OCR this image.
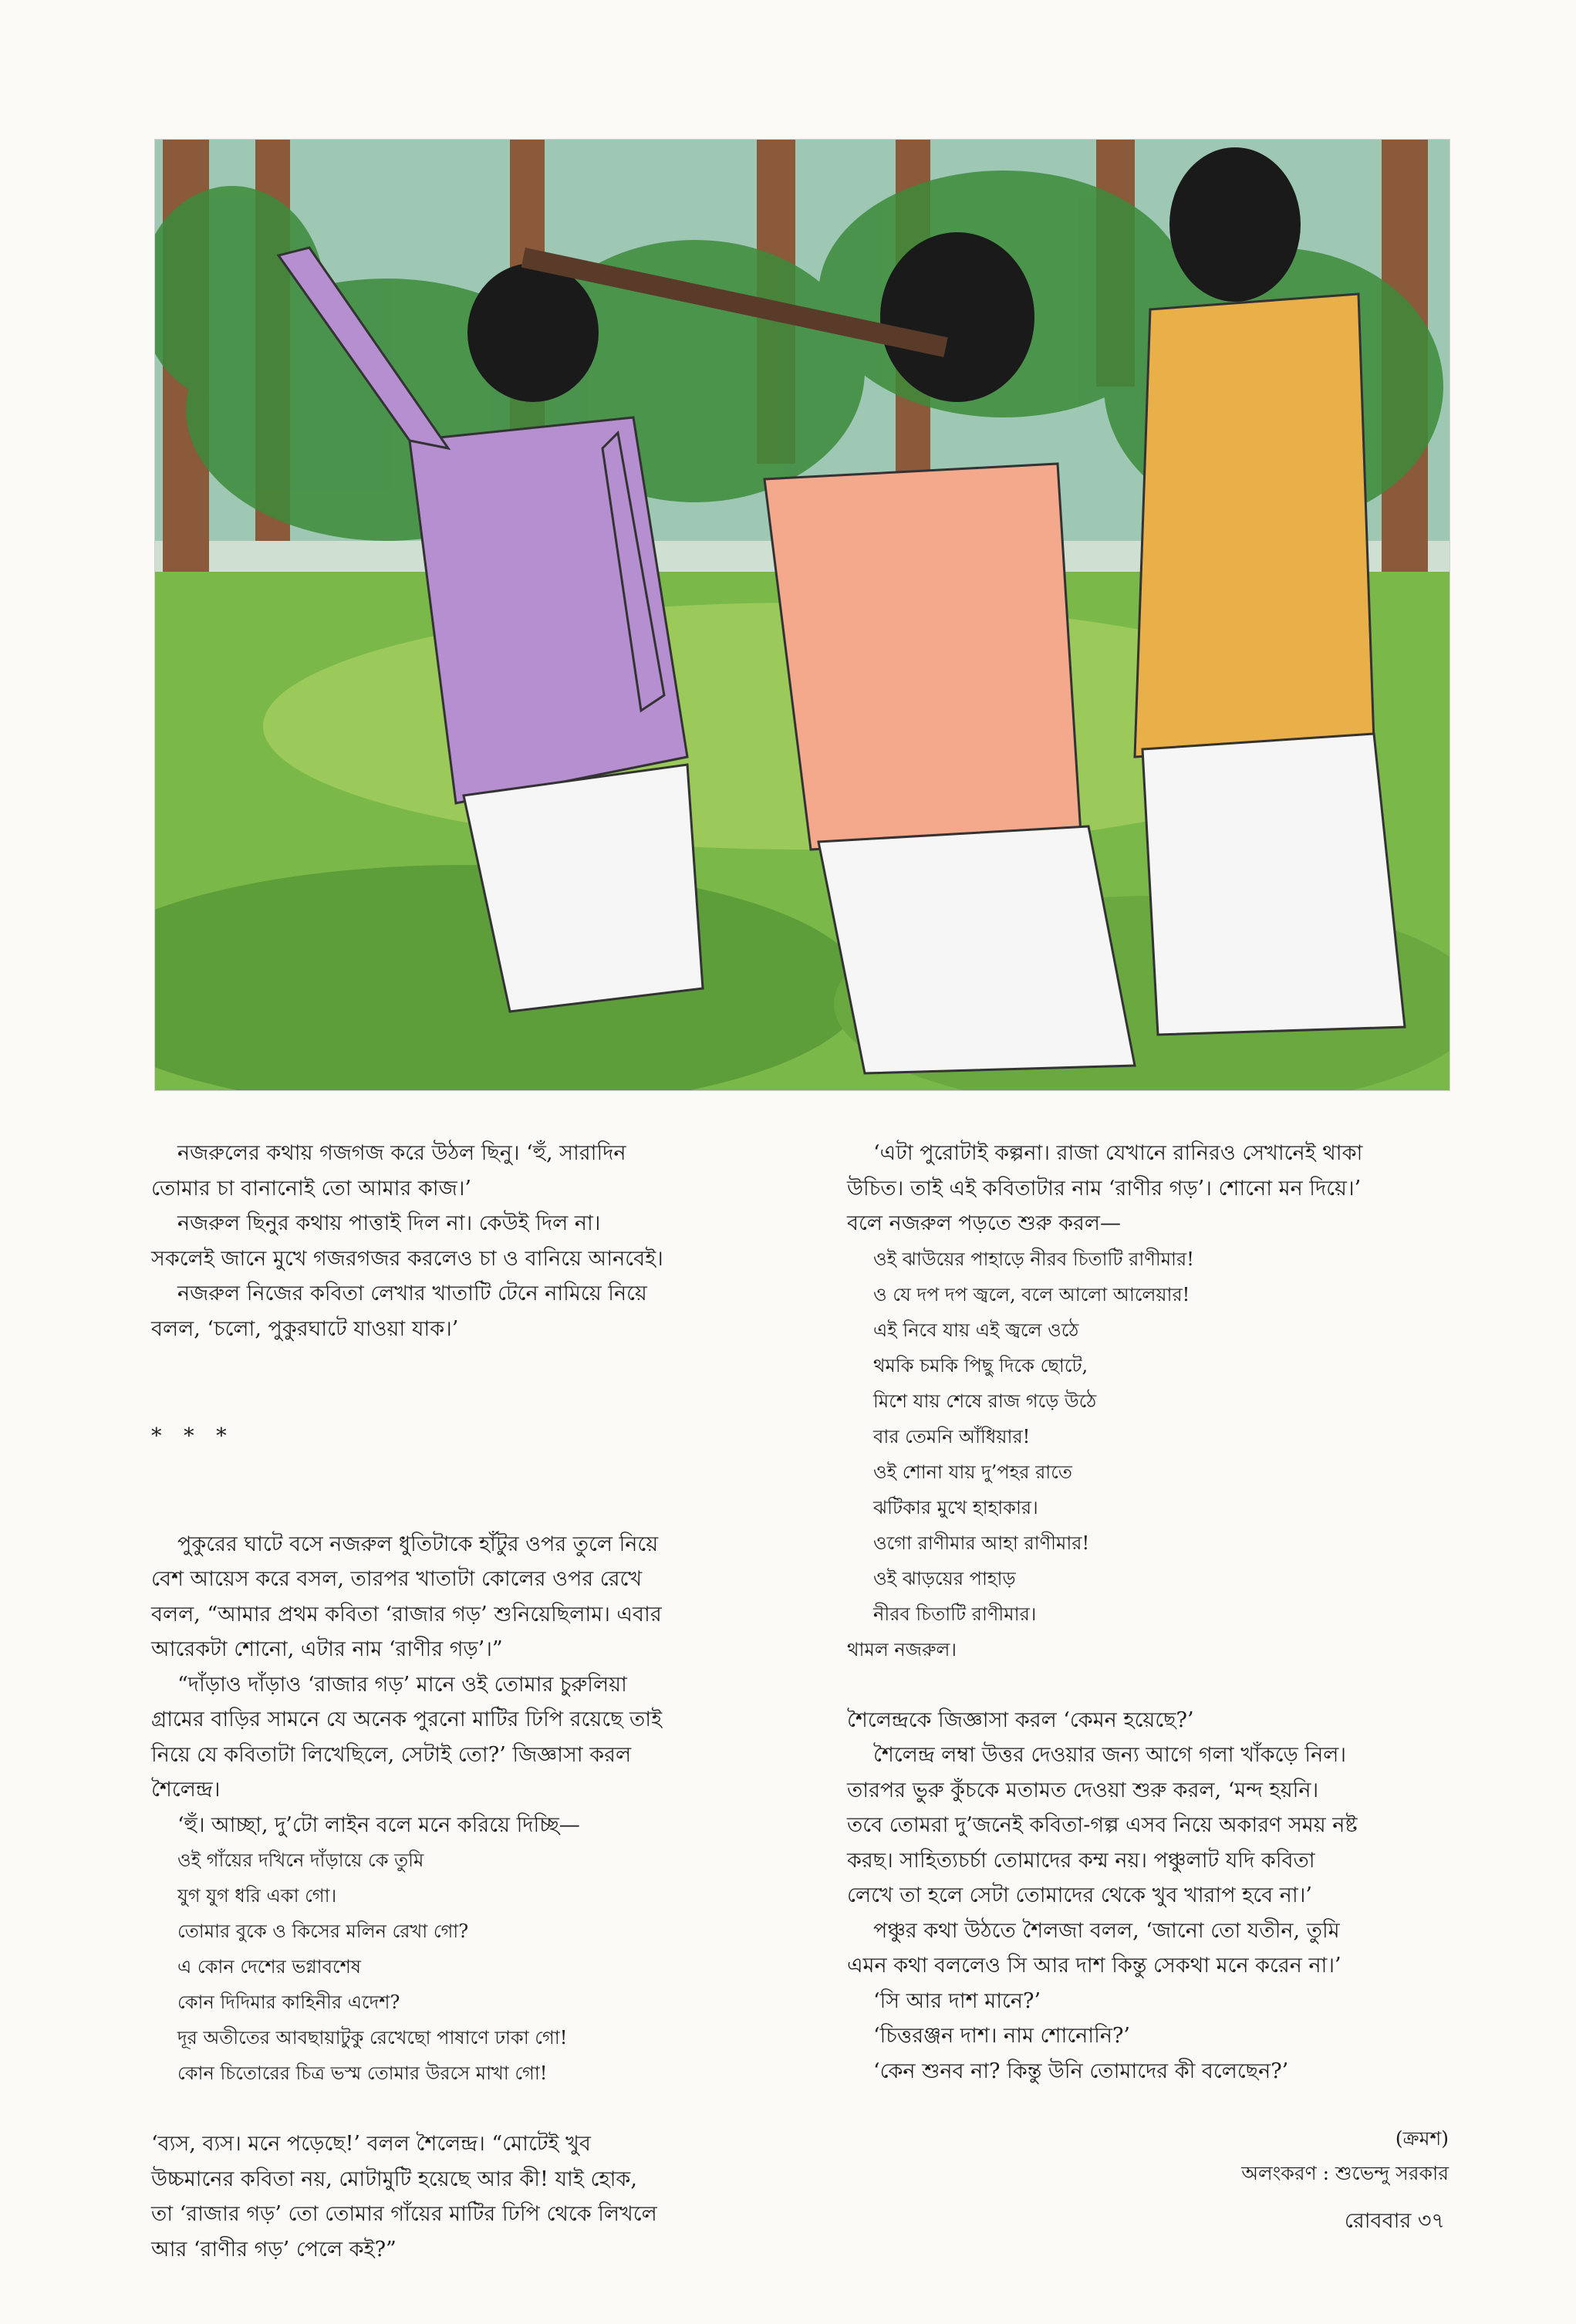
নজরুলের কথায় গজগজ করে উঠল ছিনু। ‘হুঁ, সারাদিন
তোমার চা বানানোই তো আমার কাজ।’

নজরুল ছিনুর কথায় পাত্তাই দিল না। কেউই দিল না।
সকলেই জানে মুখে গজরগজর করলেও চা ও বানিয়ে আনবেই।

নজরুল নিজের কবিতা লেখার খাতাটি টেনে নামিয়ে নিয়ে
বলল, ‘চলো, পুকুরঘাটে যাওয়া যাক।’

* * *

পুকুরের ঘাটে বসে নজরুল ধুতিটাকে হাঁটুর ওপর তুলে নিয়ে
বেশ আয়েস করে বসল, তারপর খাতাটা কোলের ওপর রেখে
বলল, “আমার প্রথম কবিতা ‘রাজার গড়’ শুনিয়েছিলাম। এবার
আরেকটা শোনো, এটার নাম ‘রাণীর গড়’।”

“দাঁড়াও দাঁড়াও ‘রাজার গড়’ মানে ওই তোমার চুরুলিয়া
গ্রামের বাড়ির সামনে যে অনেক পুরনো মাটির ঢিপি রয়েছে তাই
নিয়ে যে কবিতাটা লিখেছিলে, সেটাই তো?’ জিজ্ঞাসা করল
শৈলেন্দ্র।

‘হুঁ। আচ্ছা, দু’টো লাইন বলে মনে করিয়ে দিচ্ছি—

ওই গাঁয়ের দখিনে দাঁড়ায়ে কে তুমি
যুগ যুগ ধরি একা গো।
তোমার বুকে ও কিসের মলিন রেখা গো?
এ কোন দেশের ভগ্নাবশেষ
কোন দিদিমার কাহিনীর এদেশ?
দূর অতীতের আবছায়াটুকু রেখেছো পাষাণে ঢাকা গো!
কোন চিতোরের চিত্র ভস্ম তোমার উরসে মাখা গো!

‘ব্যস, ব্যস। মনে পড়েছে!’ বলল শৈলেন্দ্র। “মোটেই খুব
উচ্চমানের কবিতা নয়, মোটামুটি হয়েছে আর কী! যাই হোক,
তা ‘রাজার গড়’ তো তোমার গাঁয়ের মাটির ঢিপি থেকে লিখলে
আর ‘রাণীর গড়’ পেলে কই?”

‘এটা পুরোটাই কল্পনা। রাজা যেখানে রানিরও সেখানেই থাকা
উচিত। তাই এই কবিতাটার নাম ‘রাণীর গড়’। শোনো মন দিয়ে।’
বলে নজরুল পড়তে শুরু করল—

ওই ঝাউয়ের পাহাড়ে নীরব চিতাটি রাণীমার!
ও যে দপ দপ জ্বলে, বলে আলো আলেয়ার!
এই নিবে যায় এই জ্বলে ওঠে
থমকি চমকি পিছু দিকে ছোটে,
মিশে যায় শেষে রাজ গড়ে উঠে
বার তেমনি আঁধিয়ার!
ওই শোনা যায় দু’পহর রাতে
ঝটিকার মুখে হাহাকার।
ওগো রাণীমার আহা রাণীমার!
ওই ঝাড়য়ের পাহাড়
নীরব চিতাটি রাণীমার।

থামল নজরুল।

শৈলেন্দ্রকে জিজ্ঞাসা করল ‘কেমন হয়েছে?’

শৈলেন্দ্র লম্বা উত্তর দেওয়ার জন্য আগে গলা খাঁকড়ে নিল।
তারপর ভুরু কুঁচকে মতামত দেওয়া শুরু করল, ‘মন্দ হয়নি।
তবে তোমরা দু’জনেই কবিতা-গল্প এসব নিয়ে অকারণ সময় নষ্ট
করছ। সাহিত্যচর্চা তোমাদের কম্ম নয়। পঞ্চুলাট যদি কবিতা
লেখে তা হলে সেটা তোমাদের থেকে খুব খারাপ হবে না।’

পঞ্চুর কথা উঠতে শৈলজা বলল, ‘জানো তো যতীন, তুমি
এমন কথা বললেও সি আর দাশ কিন্তু সেকথা মনে করেন না।’

‘সি আর দাশ মানে?’

‘চিত্তরঞ্জন দাশ। নাম শোনোনি?’

‘কেন শুনব না? কিন্তু উনি তোমাদের কী বলেছেন?’

(ক্রমশ)
অলংকরণ : শুভেন্দু সরকার
রোববার ৩৭
